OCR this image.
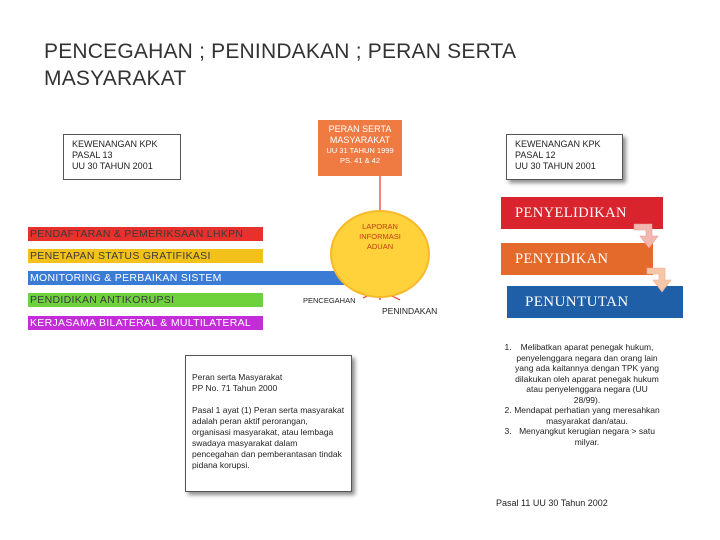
PENCEGAHAN ; PENINDAKAN ; PERAN SERTA MASYARAKAT
KEWENANGAN KPK
PASAL 13
UU 30 TAHUN 2001
PERAN SERTA
MASYARAKAT
UU 31 TAHUN 1999
PS. 41 & 42
KEWENANGAN KPK
PASAL 12
UU 30 TAHUN 2001
PENDAFTARAN & PEMERIKSAAN LHKPN
PENETAPAN STATUS GRATIFIKASI
MONITORING & PERBAIKAN SISTEM
PENDIDIKAN ANTIKORUPSI
KERJASAMA BILATERAL & MULTILATERAL
LAPORAN
INFORMASI
ADUAN
PENCEGAHAN
PENINDAKAN
PENYELIDIKAN
PENYIDIKAN
PENUNTUTAN

Peran serta Masyarakat
PP No. 71 Tahun 2000

Pasal 1 ayat (1) Peran serta masyarakat adalah peran aktif perorangan, organisasi masyarakat, atau lembaga swadaya masyarakat dalam pencegahan dan pemberantasan tindak pidana korupsi.

1. Melibatkan aparat penegak hukum, penyelenggara negara dan orang lain yang ada kaitannya dengan TPK yang dilakukan oleh aparat penegak hukum atau penyelenggara negara (UU 28/99).
2. Mendapat perhatian yang meresahkan masyarakat dan/atau.
3. Menyangkut kerugian negara > satu milyar.
Pasal 11 UU 30 Tahun 2002
